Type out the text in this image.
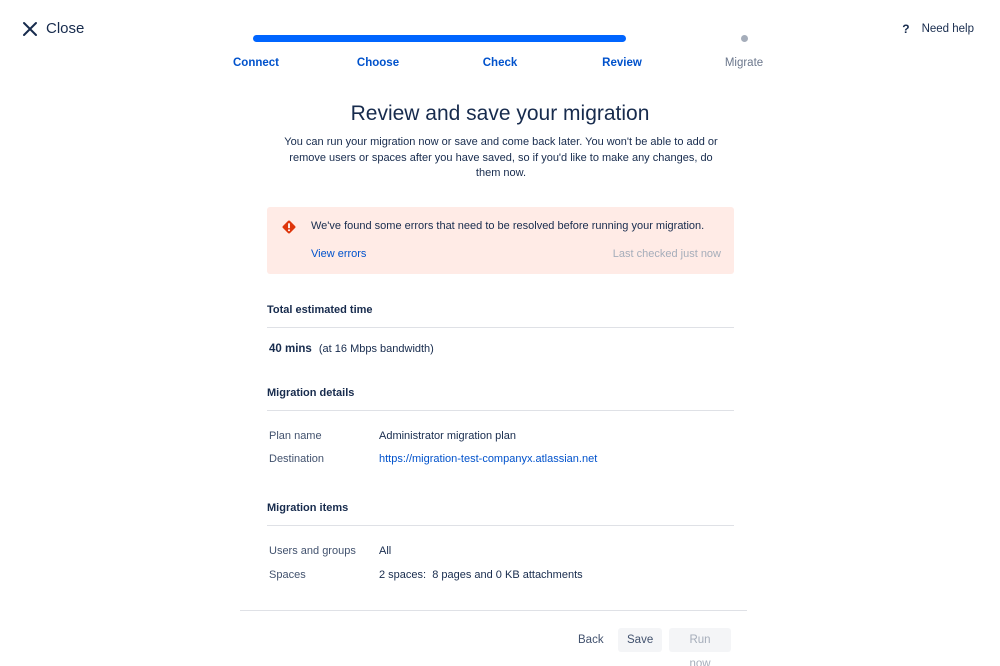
Close	? Need help
Connect	Choose	Check	Review	Migrate
Review and save your migration

You can run your migration now or save and come back later. You won't be able to add or remove users or spaces after you have saved, so if you'd like to make any changes, do them now.

We've found some errors that need to be resolved before running your migration.
View errors	Last checked just now
Total estimated time
40 mins (at 16 Mbps bandwidth)
Migration details
Plan name	Administrator migration plan
Destination	https://migration-test-companyx.atlassian.net
Migration items
Users and groups All
Spaces	2 spaces:  8 pages and 0 KB attachments
Back	Save	Run now
